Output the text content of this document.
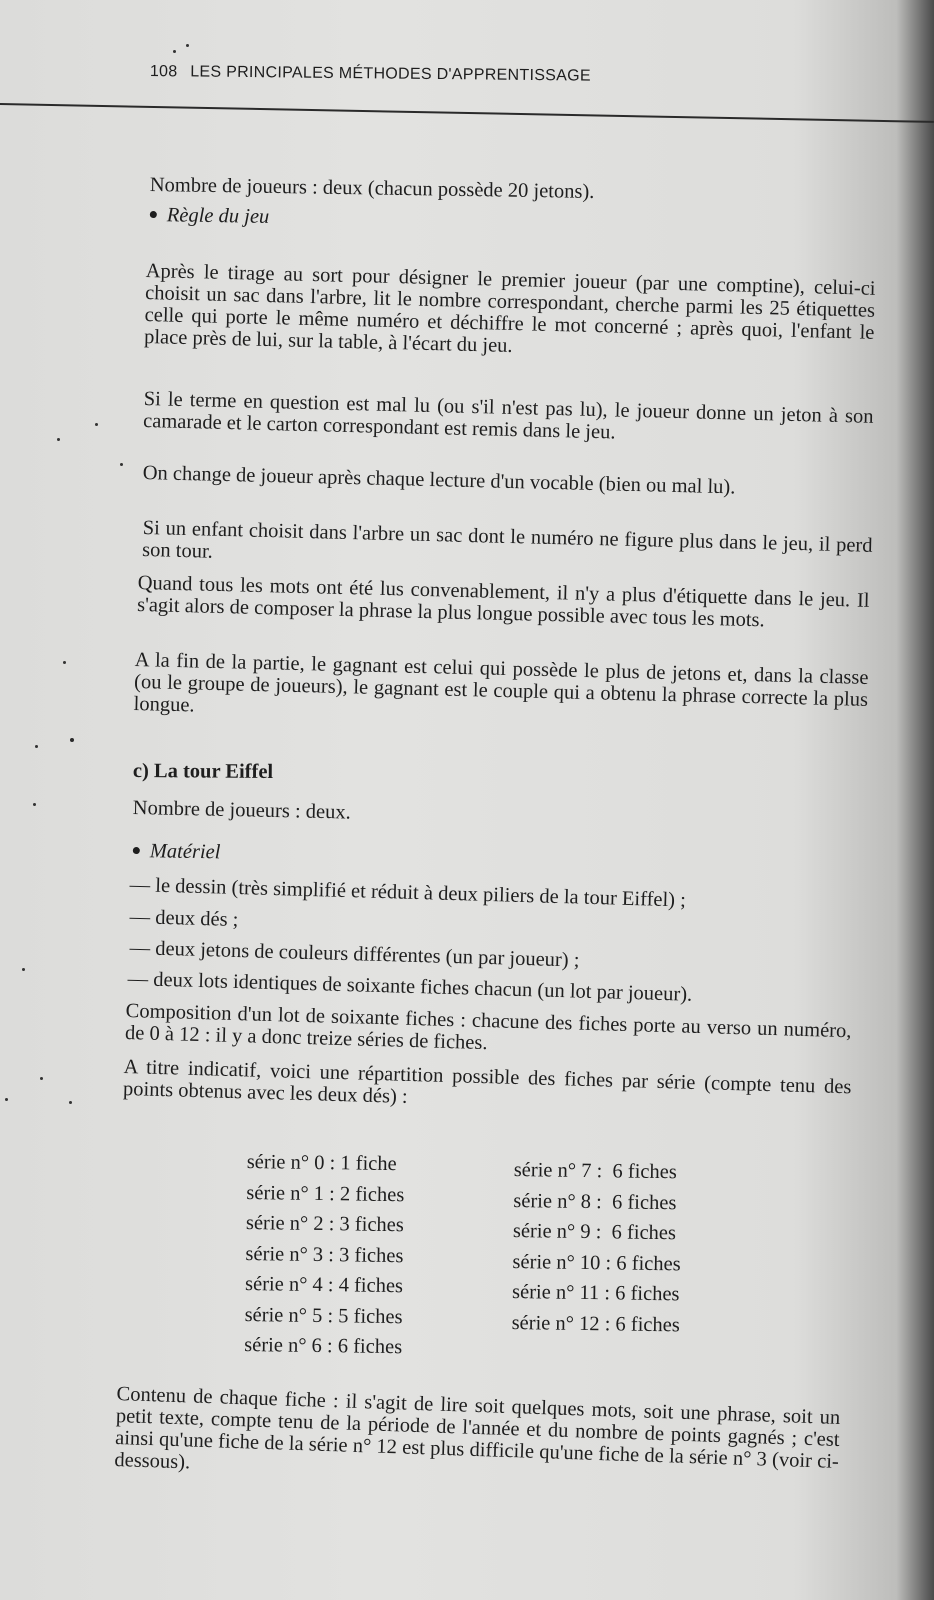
108 LES PRINCIPALES MÉTHODES D'APPRENTISSAGE
Nombre de joueurs : deux (chacun possède 20 jetons).
Règle du jeu
Après le tirage au sort pour désigner le premier joueur (par une comptine), celui-ci choisit un sac dans l'arbre, lit le nombre correspondant, cherche parmi les 25 étiquettes celle qui porte le même numéro et déchiffre le mot concerné ; après quoi, l'enfant le place près de lui, sur la table, à l'écart du jeu.
Si le terme en question est mal lu (ou s'il n'est pas lu), le joueur donne un jeton à son camarade et le carton correspondant est remis dans le jeu.
On change de joueur après chaque lecture d'un vocable (bien ou mal lu).
Si un enfant choisit dans l'arbre un sac dont le numéro ne figure plus dans le jeu, il perd son tour.
Quand tous les mots ont été lus convenablement, il n'y a plus d'étiquette dans le jeu. Il s'agit alors de composer la phrase la plus longue possible avec tous les mots.
A la fin de la partie, le gagnant est celui qui possède le plus de jetons et, dans la classe (ou le groupe de joueurs), le gagnant est le couple qui a obtenu la phrase correcte la plus longue.
c) La tour Eiffel
Nombre de joueurs : deux.
Matériel
— le dessin (très simplifié et réduit à deux piliers de la tour Eiffel) ;
— deux dés ;
— deux jetons de couleurs différentes (un par joueur) ;
— deux lots identiques de soixante fiches chacun (un lot par joueur).
Composition d'un lot de soixante fiches : chacune des fiches porte au verso un numéro, de 0 à 12 : il y a donc treize séries de fiches.
A titre indicatif, voici une répartition possible des fiches par série (compte tenu des points obtenus avec les deux dés) :
série n° 0 : 1 fiche
série n° 1 : 2 fiches
série n° 2 : 3 fiches
série n° 3 : 3 fiches
série n° 4 : 4 fiches
série n° 5 : 5 fiches
série n° 6 : 6 fiches
série n° 7 :  6 fiches
série n° 8 :  6 fiches
série n° 9 :  6 fiches
série n° 10 : 6 fiches
série n° 11 : 6 fiches
série n° 12 : 6 fiches
Contenu de chaque fiche : il s'agit de lire soit quelques mots, soit une phrase, soit un petit texte, compte tenu de la période de l'année et du nombre de points gagnés ; c'est ainsi qu'une fiche de la série n° 12 est plus difficile qu'une fiche de la série n° 3 (voir ci-dessous).
